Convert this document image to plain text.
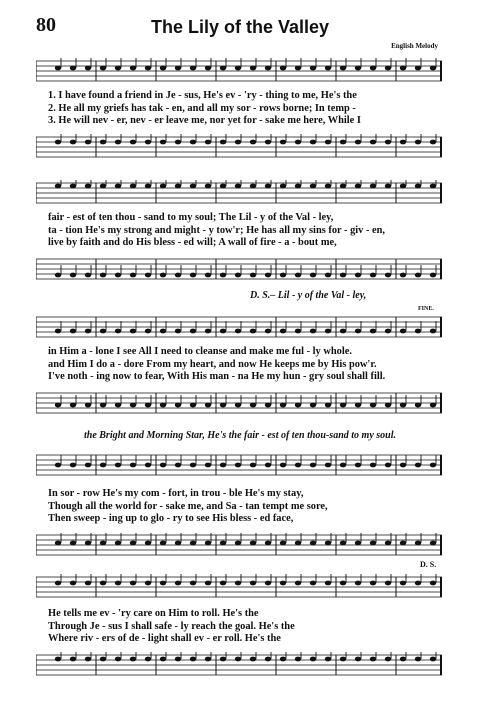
80	The Lily of the Valley
English Melody
1. I have found a friend in Je - sus, He's ev - 'ry - thing to me, He's the
2. He all my griefs has tak - en, and all my sor - rows borne; In temp -
3. He will nev - er, nev - er leave me, nor yet for - sake me here, While I
fair - est of ten thou - sand to my soul; The Lil - y of the Val - ley,
ta - tion He's my strong and might - y tow'r; He has all my sins for - giv - en,
live by faith and do His bless - ed will; A wall of fire - a - bout me,
D. S.– Lil - y of the Val - ley,
FINE.
in Him a - lone I see All I need to cleanse and make me ful - ly whole.
and Him I do a - dore From my heart, and now He keeps me by His pow'r.
I've noth - ing now to fear, With His man - na He my hun - gry soul shall fill.
the Bright and Morning Star, He's the fair - est of ten thou-sand to my soul.
In sor - row He's my com - fort, in trou - ble He's my stay,
Though all the world for - sake me, and Sa - tan tempt me sore,
Then sweep - ing up to glo - ry to see His bless - ed face,
D. S.
He tells me ev - 'ry care on Him to roll. He's the
Through Je - sus I shall safe - ly reach the goal. He's the
Where riv - ers of de - light shall ev - er roll. He's the
